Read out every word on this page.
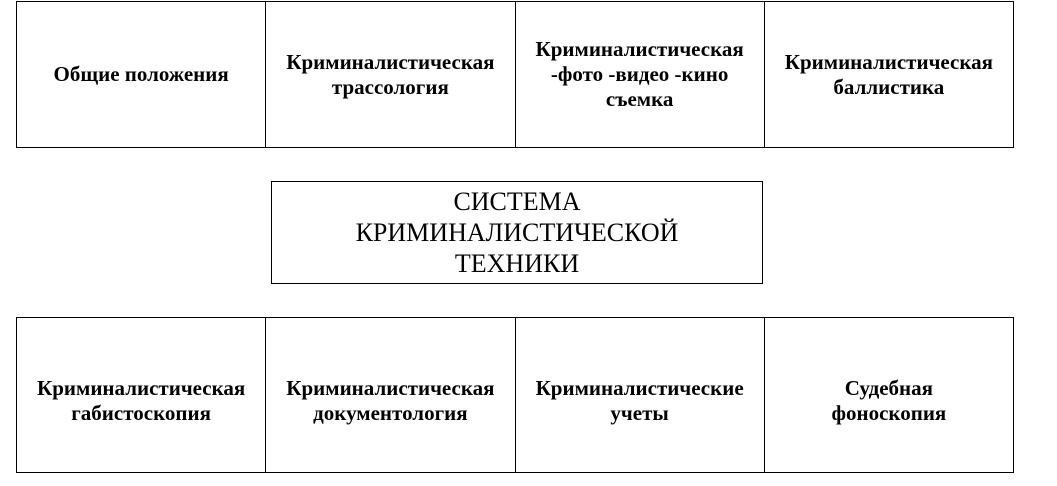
Общие положения
Криминалистическая
трассология
Криминалистическая
-фото -видео -кино
съемка
Криминалистическая
баллистика
СИСТЕМА
КРИМИНАЛИСТИЧЕСКОЙ
ТЕХНИКИ
Криминалистическая
габистоскопия
Криминалистическая
документология
Криминалистические
учеты
Судебная
фоноскопия
